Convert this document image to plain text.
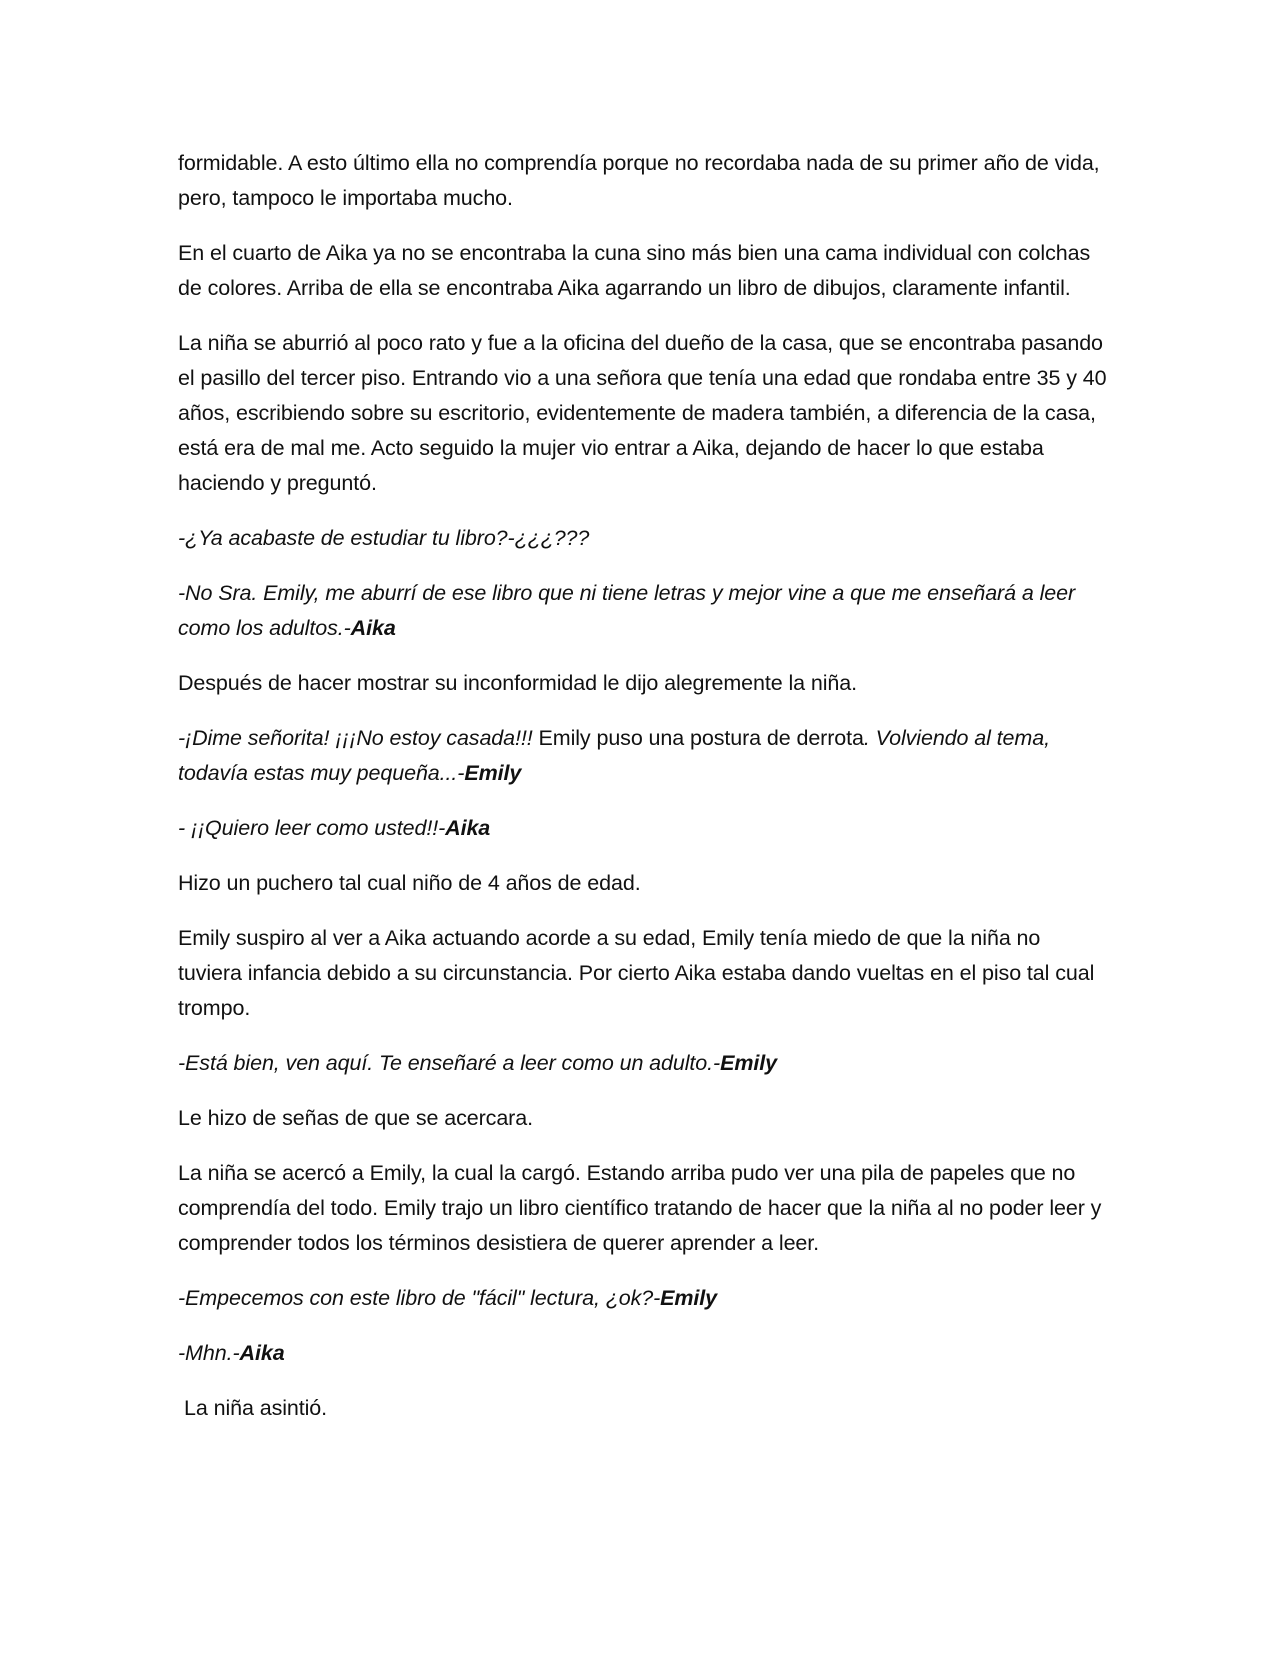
formidable. A esto último ella no comprendía porque no recordaba nada de su primer año de vida, pero, tampoco le importaba mucho.

En el cuarto de Aika ya no se encontraba la cuna sino más bien una cama individual con colchas de colores. Arriba de ella se encontraba Aika agarrando un libro de dibujos, claramente infantil.

La niña se aburrió al poco rato y fue a la oficina del dueño de la casa, que se encontraba pasando el pasillo del tercer piso. Entrando vio a una señora que tenía una edad que rondaba entre 35 y 40 años, escribiendo sobre su escritorio, evidentemente de madera también, a diferencia de la casa, está era de mal me. Acto seguido la mujer vio entrar a Aika, dejando de hacer lo que estaba haciendo y preguntó.

-¿Ya acabaste de estudiar tu libro?-¿¿¿???

-No Sra. Emily, me aburrí de ese libro que ni tiene letras y mejor vine a que me enseñará a leer como los adultos.-Aika

Después de hacer mostrar su inconformidad le dijo alegremente la niña.

-¡Dime señorita! ¡¡¡No estoy casada!!! Emily puso una postura de derrota. Volviendo al tema, todavía estas muy pequeña...-Emily

- ¡¡Quiero leer como usted!!-Aika

Hizo un puchero tal cual niño de 4 años de edad.

Emily suspiro al ver a Aika actuando acorde a su edad, Emily tenía miedo de que la niña no tuviera infancia debido a su circunstancia. Por cierto Aika estaba dando vueltas en el piso tal cual trompo.

-Está bien, ven aquí. Te enseñaré a leer como un adulto.-Emily

Le hizo de señas de que se acercara.

La niña se acercó a Emily, la cual la cargó. Estando arriba pudo ver una pila de papeles que no comprendía del todo. Emily trajo un libro científico tratando de hacer que la niña al no poder leer y comprender todos los términos desistiera de querer aprender a leer.

-Empecemos con este libro de "fácil" lectura, ¿ok?-Emily

-Mhn.-Aika

La niña asintió.
